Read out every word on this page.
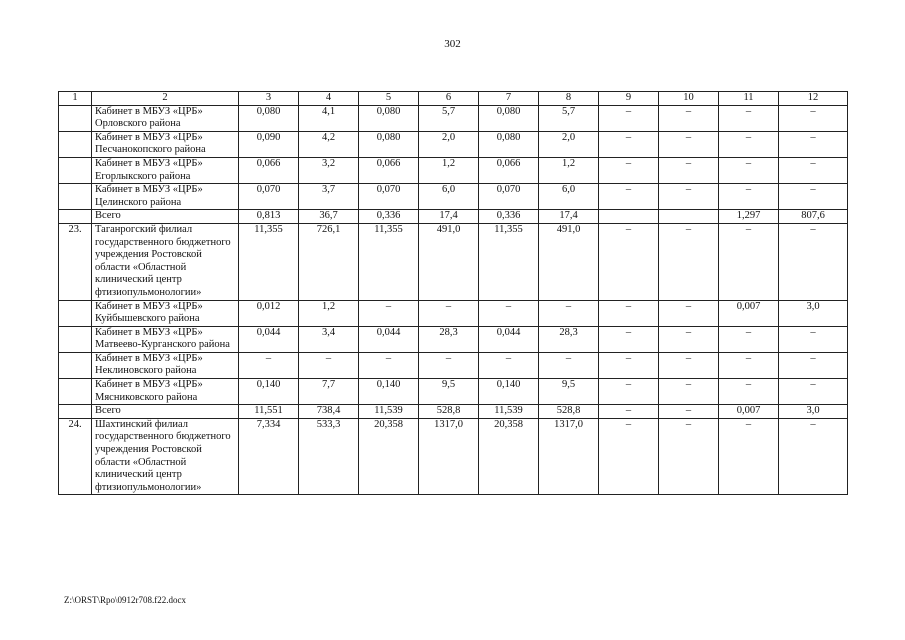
302
1	2	3	4	5	6	7	8	9	10	11	12
	Кабинет в МБУЗ «ЦРБ» Орловского района	0,080	4,1	0,080	5,7	0,080	5,7	–	–	–	–
	Кабинет в МБУЗ «ЦРБ» Песчанокопского района	0,090	4,2	0,080	2,0	0,080	2,0	–	–	–	–
	Кабинет в МБУЗ «ЦРБ» Егорлыкского района	0,066	3,2	0,066	1,2	0,066	1,2	–	–	–	–
	Кабинет в МБУЗ «ЦРБ» Целинского района	0,070	3,7	0,070	6,0	0,070	6,0	–	–	–	–
	Всего	0,813	36,7	0,336	17,4	0,336	17,4			1,297	807,6
23.	Таганрогский филиал государственного бюджетного учреждения Ростовской области «Областной клинический центр фтизиопульмонологии»	11,355	726,1	11,355	491,0	11,355	491,0	–	–	–	–
	Кабинет в МБУЗ «ЦРБ» Куйбышевского района	0,012	1,2	–	–	–	–	–	–	0,007	3,0
	Кабинет в МБУЗ «ЦРБ» Матвеево-Курганского района	0,044	3,4	0,044	28,3	0,044	28,3	–	–	–	–
	Кабинет в МБУЗ «ЦРБ» Неклиновского района	–	–	–	–	–	–	–	–	–	–
	Кабинет в МБУЗ «ЦРБ» Мясниковского района	0,140	7,7	0,140	9,5	0,140	9,5	–	–	–	–
	Всего	11,551	738,4	11,539	528,8	11,539	528,8	–	–	0,007	3,0
24.	Шахтинский филиал государственного бюджетного учреждения Ростовской области «Областной клинический центр фтизиопульмонологии»	7,334	533,3	20,358	1317,0	20,358	1317,0	–	–	–	–
Z:\ORST\Rpo\0912r708.f22.docx
